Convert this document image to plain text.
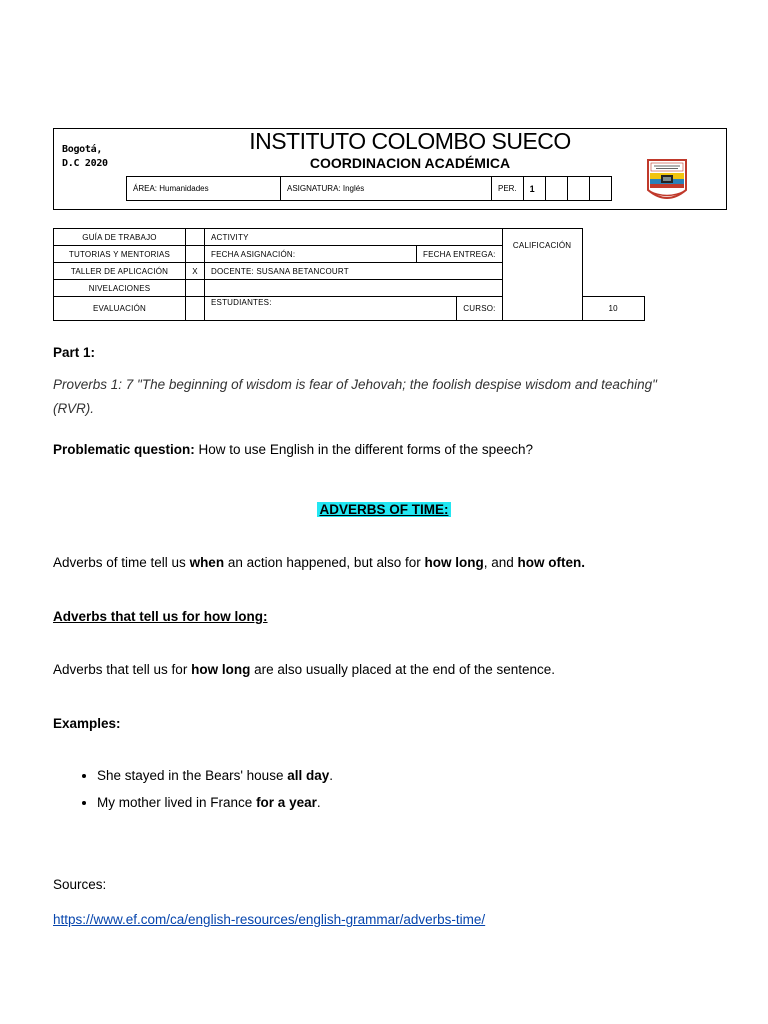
Bogotá,
D.C 2020
INSTITUTO COLOMBO SUECO
COORDINACION ACADÉMICA
ÁREA: Humanidades	ASIGNATURA: Inglés	PER.	1			
GUÍA DE TRABAJO		ACTIVITY			CALIFICACIÓN	
TUTORIAS Y MENTORIAS		FECHA ASIGNACIÓN:	FECHA ENTREGA:			
TALLER DE APLICACIÓN	X	DOCENTE: SUSANA BETANCOURT				
NIVELACIONES						
EVALUACIÓN		ESTUDIANTES:		CURSO:		10
Part 1:
Proverbs 1: 7 "The beginning of wisdom is fear of Jehovah; the foolish despise wisdom and teaching"
(RVR).
Problematic question: How to use English in the different forms of the speech?
ADVERBS OF TIME:
Adverbs of time tell us when an action happened, but also for how long, and how often.
Adverbs that tell us for how long:
Adverbs that tell us for how long are also usually placed at the end of the sentence.
Examples:
• She stayed in the Bears' house all day.
• My mother lived in France for a year.
Sources:
https://www.ef.com/ca/english-resources/english-grammar/adverbs-time/
